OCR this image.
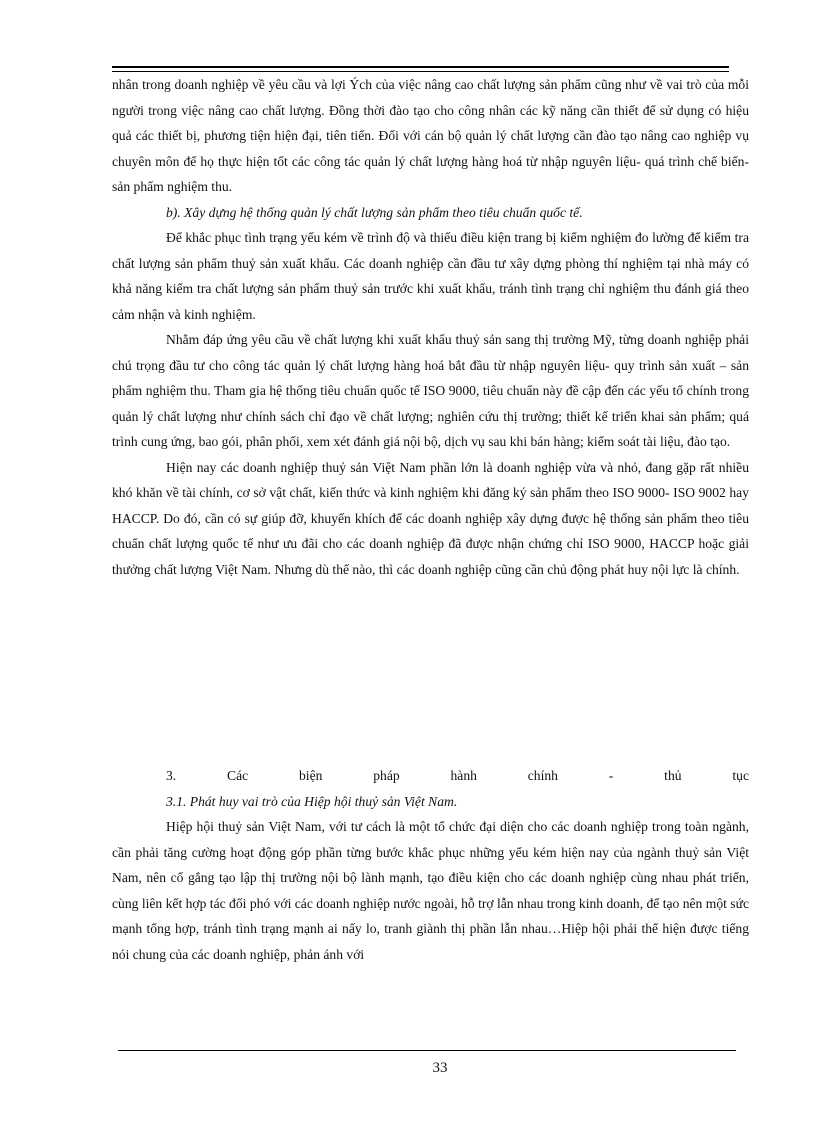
nhân trong doanh nghiệp về yêu cầu và lợi Ých của việc nâng cao chất lượng sản phẩm cũng như về vai trò của mỗi người trong việc nâng cao chất lượng. Đồng thời đào tạo cho công nhân các kỹ năng cần thiết để sử dụng có hiệu quả các thiết bị, phương tiện hiện đại, tiên tiến. Đối với cán bộ quản lý chất lượng cần đào tạo nâng cao nghiệp vụ chuyên môn để họ thực hiện tốt các công tác quản lý chất lượng hàng hoá từ nhập nguyên liệu- quá trình chế biến- sản phẩm nghiệm thu.

b). Xây dựng hệ thống quản lý chất lượng sản phẩm theo tiêu chuẩn quốc tế.

Để khắc phục tình trạng yếu kém về trình độ và thiếu điều kiện trang bị kiểm nghiệm đo lường để kiểm tra chất lượng sản phẩm thuỷ sản xuất khẩu. Các doanh nghiệp cần đầu tư xây dựng phòng thí nghiệm tại nhà máy có khả năng kiểm tra chất lượng sản phẩm thuỷ sản trước khi xuất khẩu, tránh tình trạng chỉ nghiệm thu đánh giá theo cảm nhận và kinh nghiệm.

Nhằm đáp ứng yêu cầu về chất lượng khi xuất khẩu thuỷ sản sang thị trường Mỹ, từng doanh nghiệp phải chú trọng đầu tư cho công tác quản lý chất lượng hàng hoá bắt đầu từ nhập nguyên liệu- quy trình sản xuất – sản phẩm nghiệm thu. Tham gia hệ thống tiêu chuẩn quốc tế ISO 9000, tiêu chuẩn này đề cập đến các yếu tố chính trong quản lý chất lượng như chính sách chỉ đạo về chất lượng; nghiên cứu thị trường; thiết kế triển khai sản phẩm; quá trình cung ứng, bao gói, phân phối, xem xét đánh giá nội bộ, dịch vụ sau khi bán hàng; kiểm soát tài liệu, đào tạo.

Hiện nay các doanh nghiệp thuỷ sản Việt Nam phần lớn là doanh nghiệp vừa và nhỏ, đang gặp rất nhiều khó khăn về tài chính, cơ sở vật chất, kiến thức và kinh nghiệm khi đăng ký sản phẩm theo ISO 9000- ISO 9002 hay HACCP. Do đó, cần có sự giúp đỡ, khuyến khích để các doanh nghiệp xây dựng được hệ thống sản phẩm theo tiêu chuẩn chất lượng quốc tế như ưu đãi cho các doanh nghiệp đã được nhận chứng chỉ ISO 9000, HACCP hoặc giải thưởng chất lượng Việt Nam. Nhưng dù thế nào, thì các doanh nghiệp cũng cần chủ động phát huy nội lực là chính.

3. Các biện pháp hành chính - thủ tục

3.1. Phát huy vai trò của Hiệp hội thuỷ sản Việt Nam.

Hiệp hội thuỷ sản Việt Nam, với tư cách là một tổ chức đại diện cho các doanh nghiệp trong toàn ngành, cần phải tăng cường hoạt động góp phần từng bước khắc phục những yếu kém hiện nay của ngành thuỷ sản Việt Nam, nên cố gắng tạo lập thị trường nội bộ lành mạnh, tạo điều kiện cho các doanh nghiệp cùng nhau phát triển, cùng liên kết hợp tác đối phó với các doanh nghiệp nước ngoài, hỗ trợ lẫn nhau trong kinh doanh, để tạo nên một sức mạnh tổng hợp, tránh tình trạng mạnh ai nấy lo, tranh giành thị phần lẫn nhau…Hiệp hội phải thể hiện được tiếng nói chung của các doanh nghiệp, phản ánh với

33
